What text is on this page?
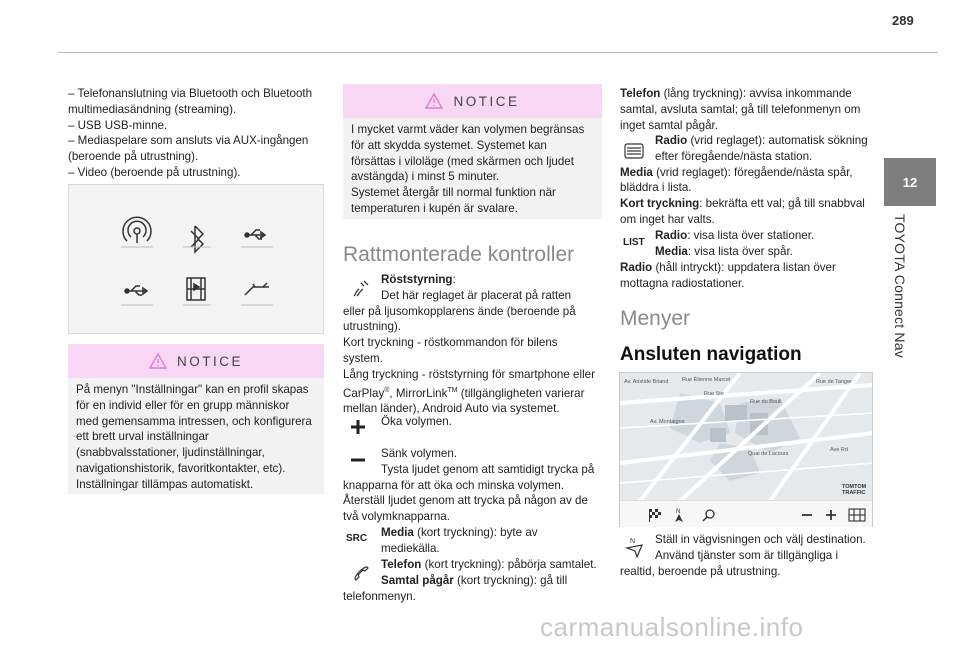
289
12
TOYOTA Connect Nav
– Telefonanslutning via Bluetooth och Bluetooth
multimediasändning (streaming).
– USB USB-minne.
– Mediaspelare som ansluts via AUX-ingången
(beroende på utrustning).
– Video (beroende på utrustning).
NOTICE
På menyn "Inställningar" kan en profil skapas
för en individ eller för en grupp människor
med gemensamma intressen, och konfigurera
ett brett urval inställningar
(snabbvalsstationer, ljudinställningar,
navigationshistorik, favoritkontakter, etc).
Inställningar tillämpas automatiskt.
NOTICE
I mycket varmt väder kan volymen begränsas
för att skydda systemet. Systemet kan
försättas i viloläge (med skärmen och ljudet
avstängda) i minst 5 minuter.
Systemet återgår till normal funktion när
temperaturen i kupén är svalare.
Rattmonterade kontroller
Röststyrning:
Det här reglaget är placerat på ratten
eller på ljusomkopplarens ände (beroende på
utrustning).
Kort tryckning - röstkommandon för bilens
system.
Lång tryckning - röststyrning för smartphone eller
CarPlay®, MirrorLink™ (tillgängligheten varierar
mellan länder), Android Auto via systemet.
Öka volymen.
Sänk volymen.
Tysta ljudet genom att samtidigt trycka på
knapparna för att öka och minska volymen.
Återställ ljudet genom att trycka på någon av de
två volymknapparna.
SRC Media (kort tryckning): byte av
mediekälla.
Telefon (kort tryckning): påbörja samtalet.
Samtal pågår (kort tryckning): gå till
telefonmenyn.
Telefon (lång tryckning): avvisa inkommande
samtal, avsluta samtal; gå till telefonmenyn om
inget samtal pågår.
Radio (vrid reglaget): automatisk sökning
efter föregående/nästa station.
Media (vrid reglaget): föregående/nästa spår,
bläddra i lista.
Kort tryckning: bekräfta ett val; gå till snabbval
om inget har valts.
LIST
Radio: visa lista över stationer.
Media: visa lista över spår.
Radio (håll intryckt): uppdatera listan över
mottagna radiostationer.
Menyer
Ansluten navigation
Av. Aristide Briand Rue Étienne Marcel	Rue de Tanger
Rue du Bouli
Av. Montaigne
Quai de Lacours
Rue Ste
Ave Rd
TOMTOM
TRAFFIC
N
N	Ställ in vägvisningen och välj destination.
Använd tjänster som är tillgängliga i
realtid, beroende på utrustning.
carmanualsonline.info
